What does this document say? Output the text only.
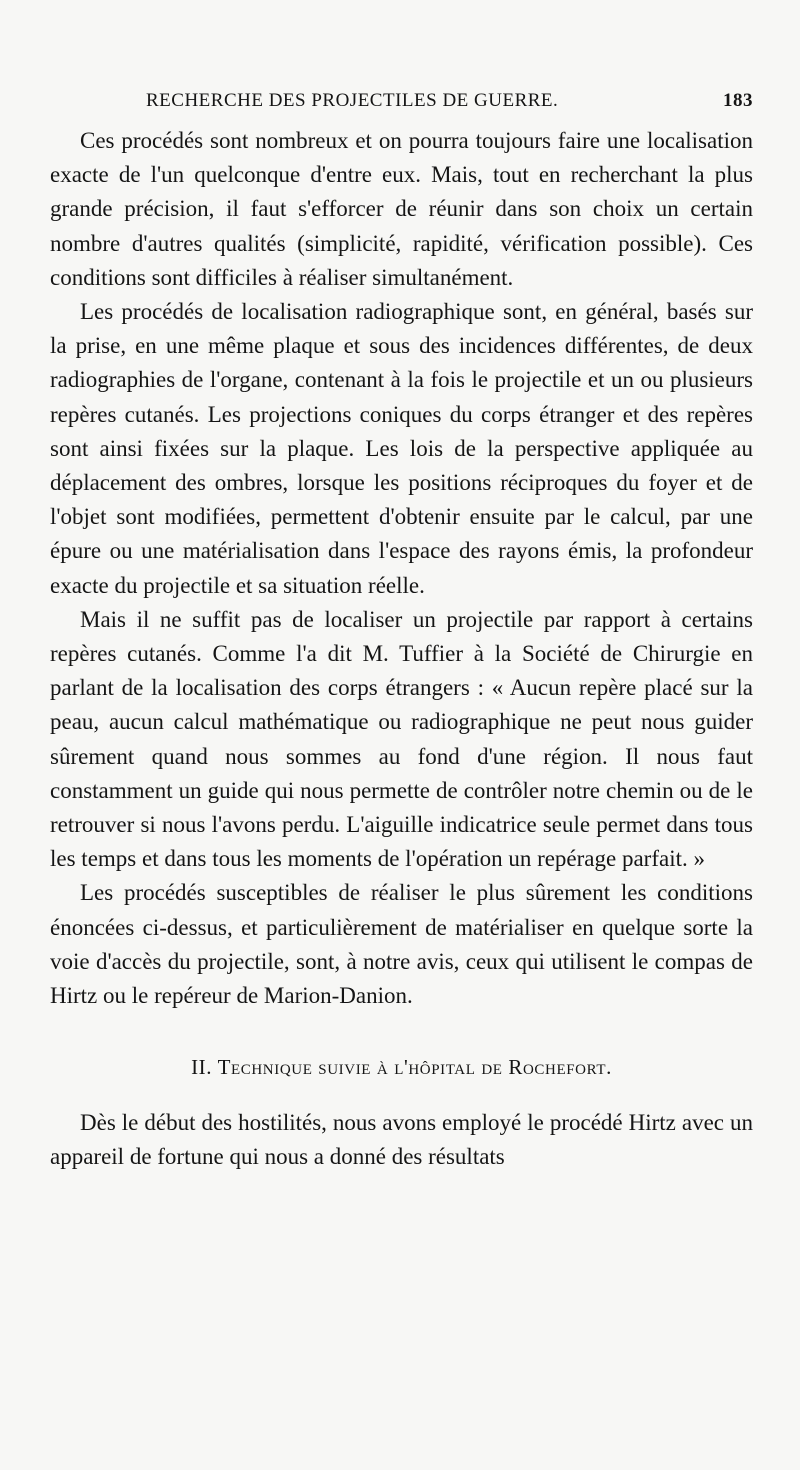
RECHERCHE DES PROJECTILES DE GUERRE.	183

Ces procédés sont nombreux et on pourra toujours faire une localisation exacte de l'un quelconque d'entre eux. Mais, tout en recherchant la plus grande précision, il faut s'efforcer de réunir dans son choix un certain nombre d'autres qualités (simplicité, rapidité, vérification possible). Ces conditions sont difficiles à réaliser simultanément.

Les procédés de localisation radiographique sont, en général, basés sur la prise, en une même plaque et sous des incidences différentes, de deux radiographies de l'organe, contenant à la fois le projectile et un ou plusieurs repères cutanés. Les projections coniques du corps étranger et des repères sont ainsi fixées sur la plaque. Les lois de la perspective appliquée au déplacement des ombres, lorsque les positions réciproques du foyer et de l'objet sont modifiées, permettent d'obtenir ensuite par le calcul, par une épure ou une matérialisation dans l'espace des rayons émis, la profondeur exacte du projectile et sa situation réelle.

Mais il ne suffit pas de localiser un projectile par rapport à certains repères cutanés. Comme l'a dit M. Tuffier à la Société de Chirurgie en parlant de la localisation des corps étrangers : « Aucun repère placé sur la peau, aucun calcul mathématique ou radiographique ne peut nous guider sûrement quand nous sommes au fond d'une région. Il nous faut constamment un guide qui nous permette de contrôler notre chemin ou de le retrouver si nous l'avons perdu. L'aiguille indicatrice seule permet dans tous les temps et dans tous les moments de l'opération un repérage parfait. »

Les procédés susceptibles de réaliser le plus sûrement les conditions énoncées ci-dessus, et particulièrement de matérialiser en quelque sorte la voie d'accès du projectile, sont, à notre avis, ceux qui utilisent le compas de Hirtz ou le repéreur de Marion-Danion.

II. Technique suivie à l'hôpital de Rochefort.

Dès le début des hostilités, nous avons employé le procédé Hirtz avec un appareil de fortune qui nous a donné des résultats
